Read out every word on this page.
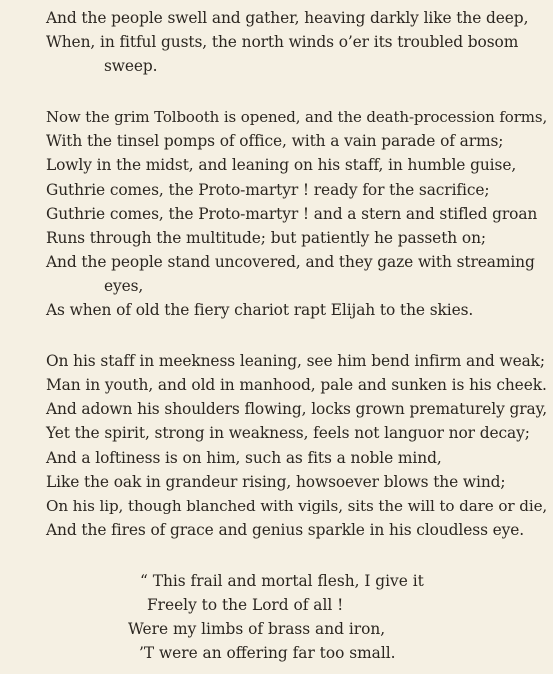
And the people swell and gather, heaving darkly like the deep,
When, in fitful gusts, the north winds o’er its troubled bosom
sweep.
Now the grim Tolbooth is opened, and the death-procession forms,
With the tinsel pomps of office, with a vain parade of arms;
Lowly in the midst, and leaning on his staff, in humble guise,
Guthrie comes, the Proto-martyr ! ready for the sacrifice;
Guthrie comes, the Proto-martyr ! and a stern and stifled groan
Runs through the multitude; but patiently he passeth on;
And the people stand uncovered, and they gaze with streaming
eyes,
As when of old the fiery chariot rapt Elijah to the skies.
On his staff in meekness leaning, see him bend infirm and weak;
Man in youth, and old in manhood, pale and sunken is his cheek.
And adown his shoulders flowing, locks grown prematurely gray,
Yet the spirit, strong in weakness, feels not languor nor decay;
And a loftiness is on him, such as fits a noble mind,
Like the oak in grandeur rising, howsoever blows the wind;
On his lip, though blanched with vigils, sits the will to dare or die,
And the fires of grace and genius sparkle in his cloudless eye.
“ This frail and mortal flesh, I give it
Freely to the Lord of all !
Were my limbs of brass and iron,
’T were an offering far too small.
